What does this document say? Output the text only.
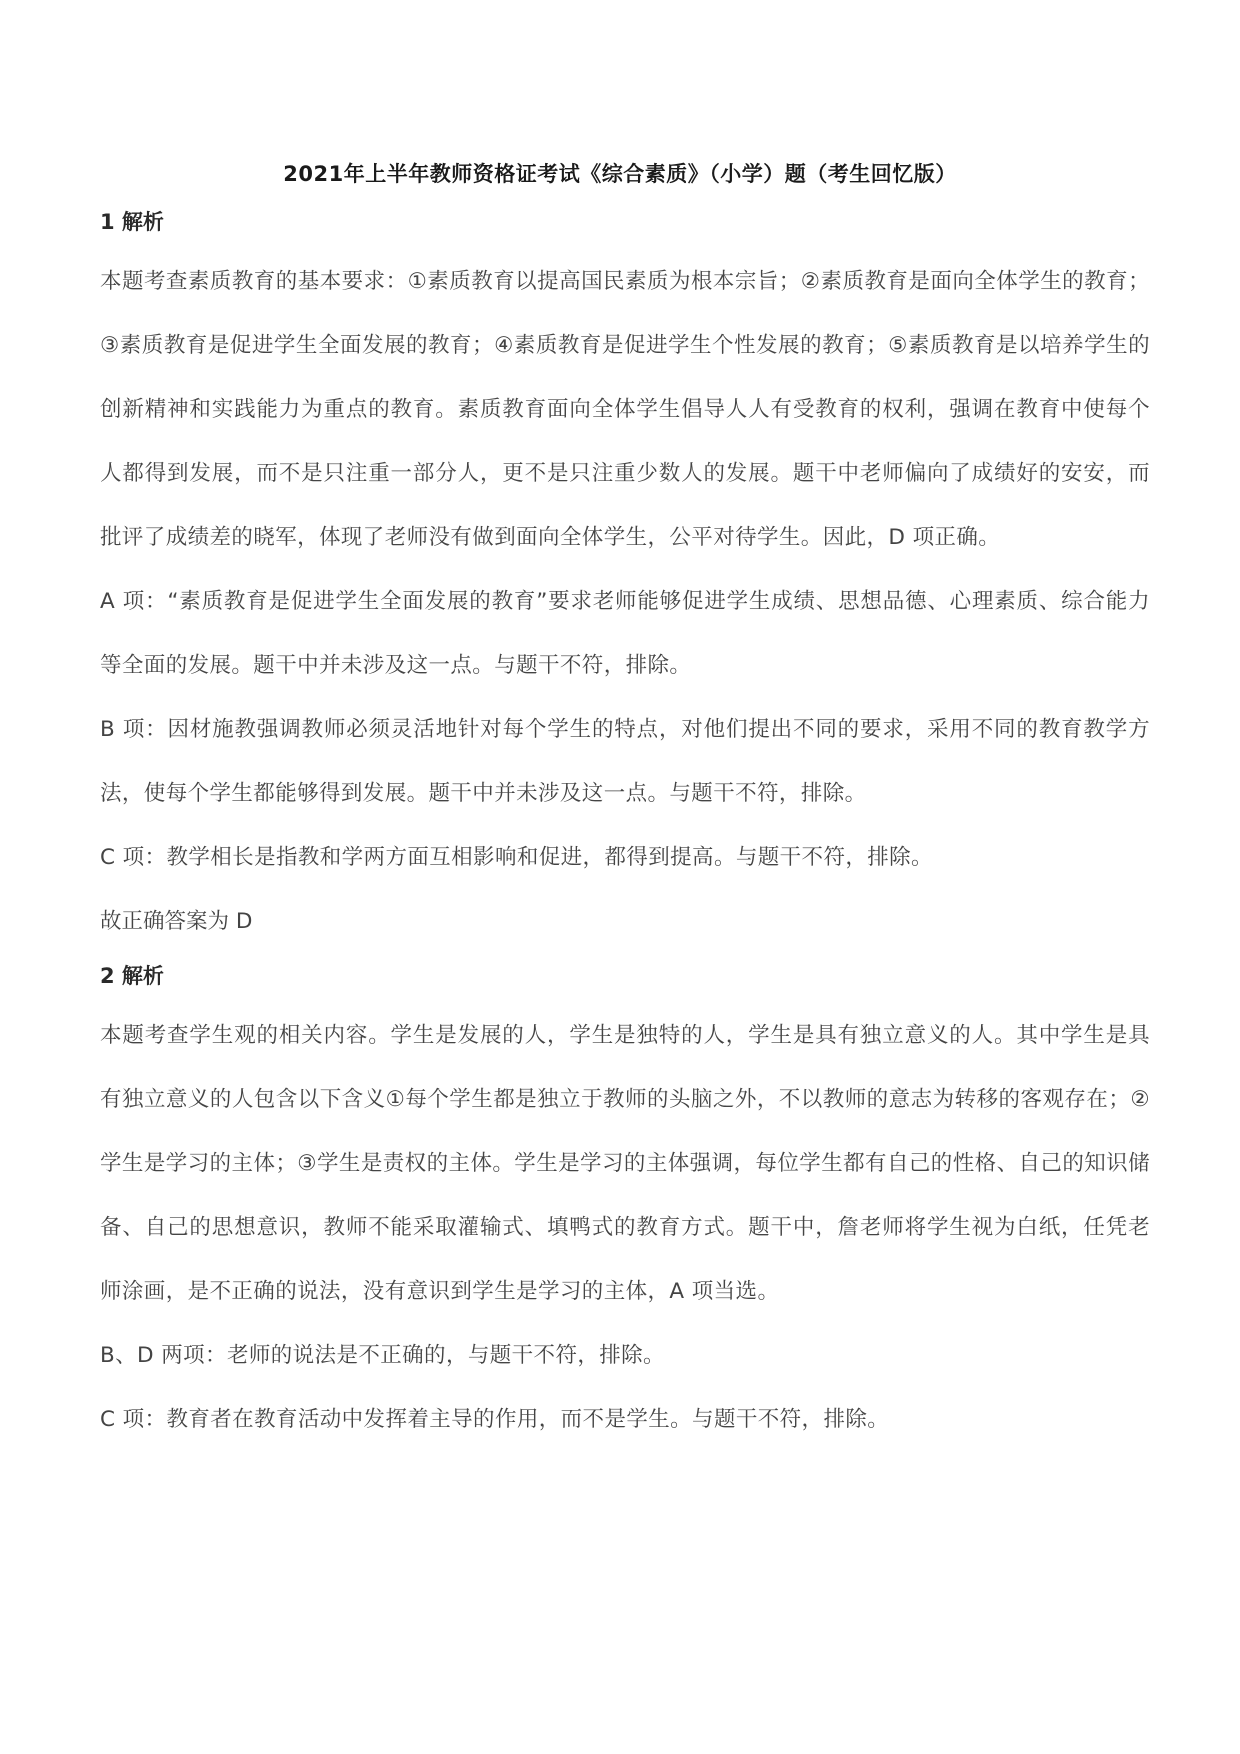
2021年上半年教师资格证考试《综合素质》（小学）题（考生回忆版）
1 解析

本题考查素质教育的基本要求：①素质教育以提高国民素质为根本宗旨；②素质教育是面向全体学生的教育；③素质教育是促进学生全面发展的教育；④素质教育是促进学生个性发展的教育；⑤素质教育是以培养学生的创新精神和实践能力为重点的教育。素质教育面向全体学生倡导人人有受教育的权利，强调在教育中使每个人都得到发展，而不是只注重一部分人，更不是只注重少数人的发展。题干中老师偏向了成绩好的安安，而批评了成绩差的晓军，体现了老师没有做到面向全体学生，公平对待学生。因此，D 项正确。

A 项：“素质教育是促进学生全面发展的教育”要求老师能够促进学生成绩、思想品德、心理素质、综合能力等全面的发展。题干中并未涉及这一点。与题干不符，排除。

B 项：因材施教强调教师必须灵活地针对每个学生的特点，对他们提出不同的要求，采用不同的教育教学方法，使每个学生都能够得到发展。题干中并未涉及这一点。与题干不符，排除。

C 项：教学相长是指教和学两方面互相影响和促进，都得到提高。与题干不符，排除。

故正确答案为 D
2 解析

本题考查学生观的相关内容。学生是发展的人，学生是独特的人，学生是具有独立意义的人。其中学生是具有独立意义的人包含以下含义①每个学生都是独立于教师的头脑之外，不以教师的意志为转移的客观存在；②学生是学习的主体；③学生是责权的主体。学生是学习的主体强调，每位学生都有自己的性格、自己的知识储备、自己的思想意识，教师不能采取灌输式、填鸭式的教育方式。题干中，詹老师将学生视为白纸，任凭老师涂画，是不正确的说法，没有意识到学生是学习的主体，A 项当选。

B、D 两项：老师的说法是不正确的，与题干不符，排除。

C 项：教育者在教育活动中发挥着主导的作用，而不是学生。与题干不符，排除。
